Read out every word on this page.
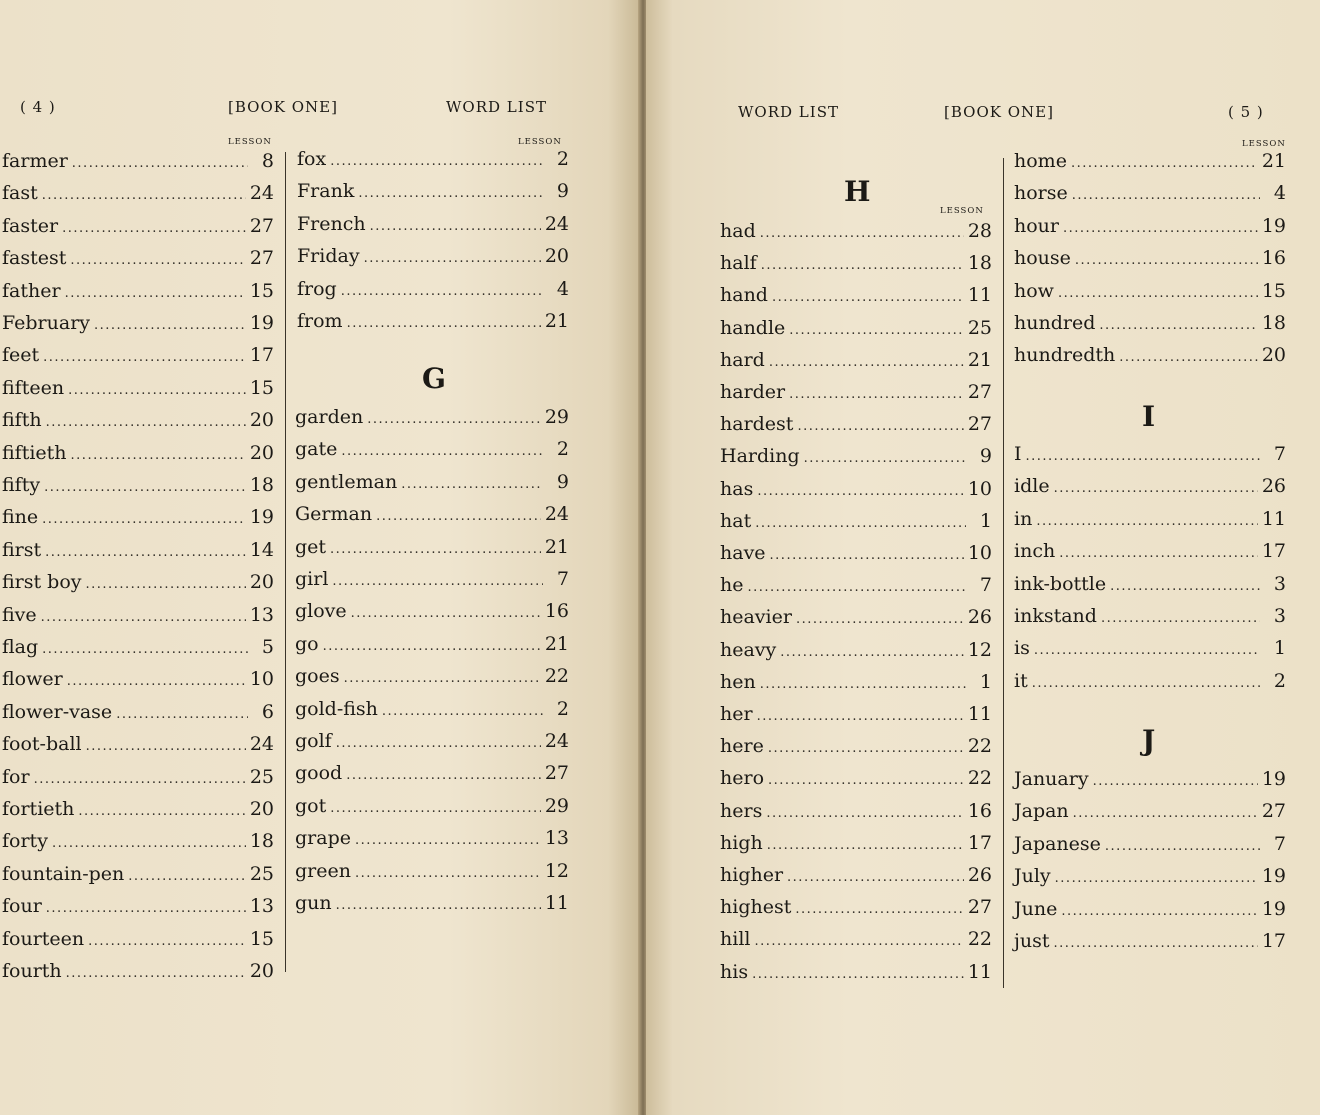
( 4 )	[BOOK ONE]	WORD LIST
LESSON	LESSON
farmer .....	8
fast .....	24
faster .....	27
fastest .....	27
father .....	15
February .....	19
feet .....	17
fifteen .....	15
fifth .....	20
fiftieth .....	20
fifty .....	18
fine .....	19
first .....	14
first boy .....	20
five .....	13
flag .....	5
flower .....	10
flower-vase .....	6
foot-ball .....	24
for .....	25
fortieth .....	20
forty .....	18
fountain-pen .....	25
four .....	13
fourteen .....	15
fourth .....	20
fox .....	2
Frank .....	9
French .....	24
Friday .....	20
frog .....	4
from .....	21
G
garden .....	29
gate .....	2
gentleman .....	9
German .....	24
get .....	21
girl .....	7
glove .....	16
go .....	21
goes .....	22
gold-fish .....	2
golf .....	24
good .....	27
got .....	29
grape .....	13
green .....	12
gun .....	11
WORD LIST	[BOOK ONE]	( 5 )
LESSON
H
LESSON
had .....	28
half .....	18
hand .....	11
handle .....	25
hard .....	21
harder .....	27
hardest .....	27
Harding .....	9
has .....	10
hat .....	1
have .....	10
he .....	7
heavier .....	26
heavy .....	12
hen .....	1
her .....	11
here .....	22
hero .....	22
hers .....	16
high .....	17
higher .....	26
highest .....	27
hill .....	22
his .....	11
home .....	21
horse .....	4
hour .....	19
house .....	16
how .....	15
hundred .....	18
hundredth .....	20
I
I .....	7
idle .....	26
in .....	11
inch .....	17
ink-bottle .....	3
inkstand .....	3
is .....	1
it .....	2
J
January .....	19
Japan .....	27
Japanese .....	7
July .....	19
June .....	19
just .....	17
